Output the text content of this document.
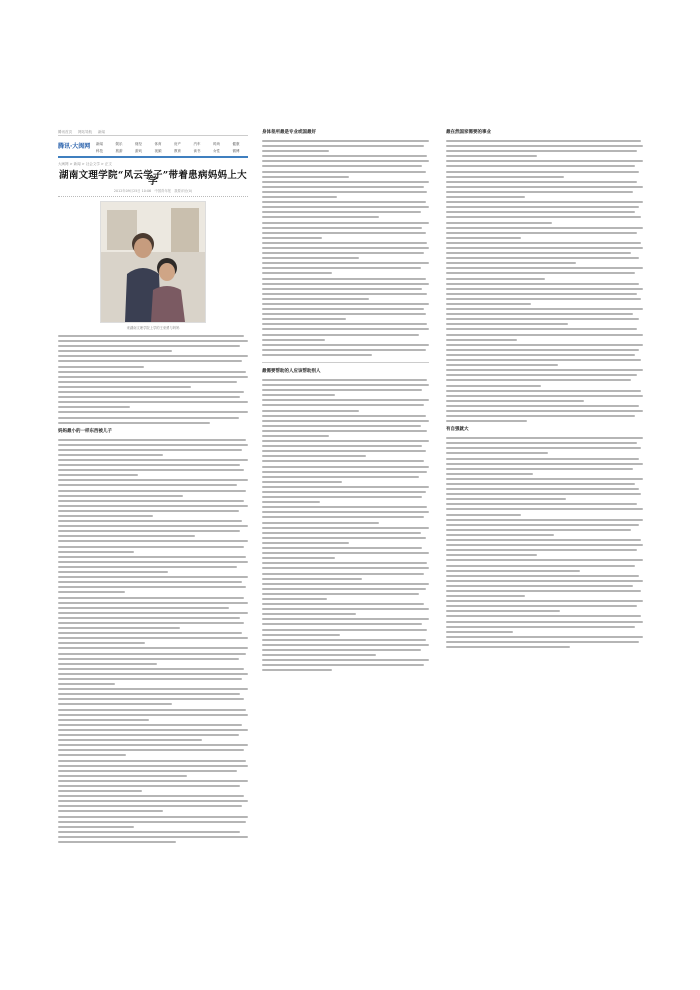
腾讯首页 网站导航 新闻
腾讯·大闽网	新闻	娱乐	财经	体育	房产	汽车	时尚	健康
科技	旅游	游戏	视频	教育	读书	女性	微博
大闽网 > 新闻 > 社会文学 > 正文
湖南文理学院“风云学子”带着患病妈妈上大学
2012年09月25日 10:06　中国青年报　我要评论(0)
来湖南文理学院上学的王来勇与妈妈
妈妈最小的一样东西被儿子
身体差所最是专业或国最好
最需要帮助的人应该帮助别人
最在然国家需要的事业
有自强就大
